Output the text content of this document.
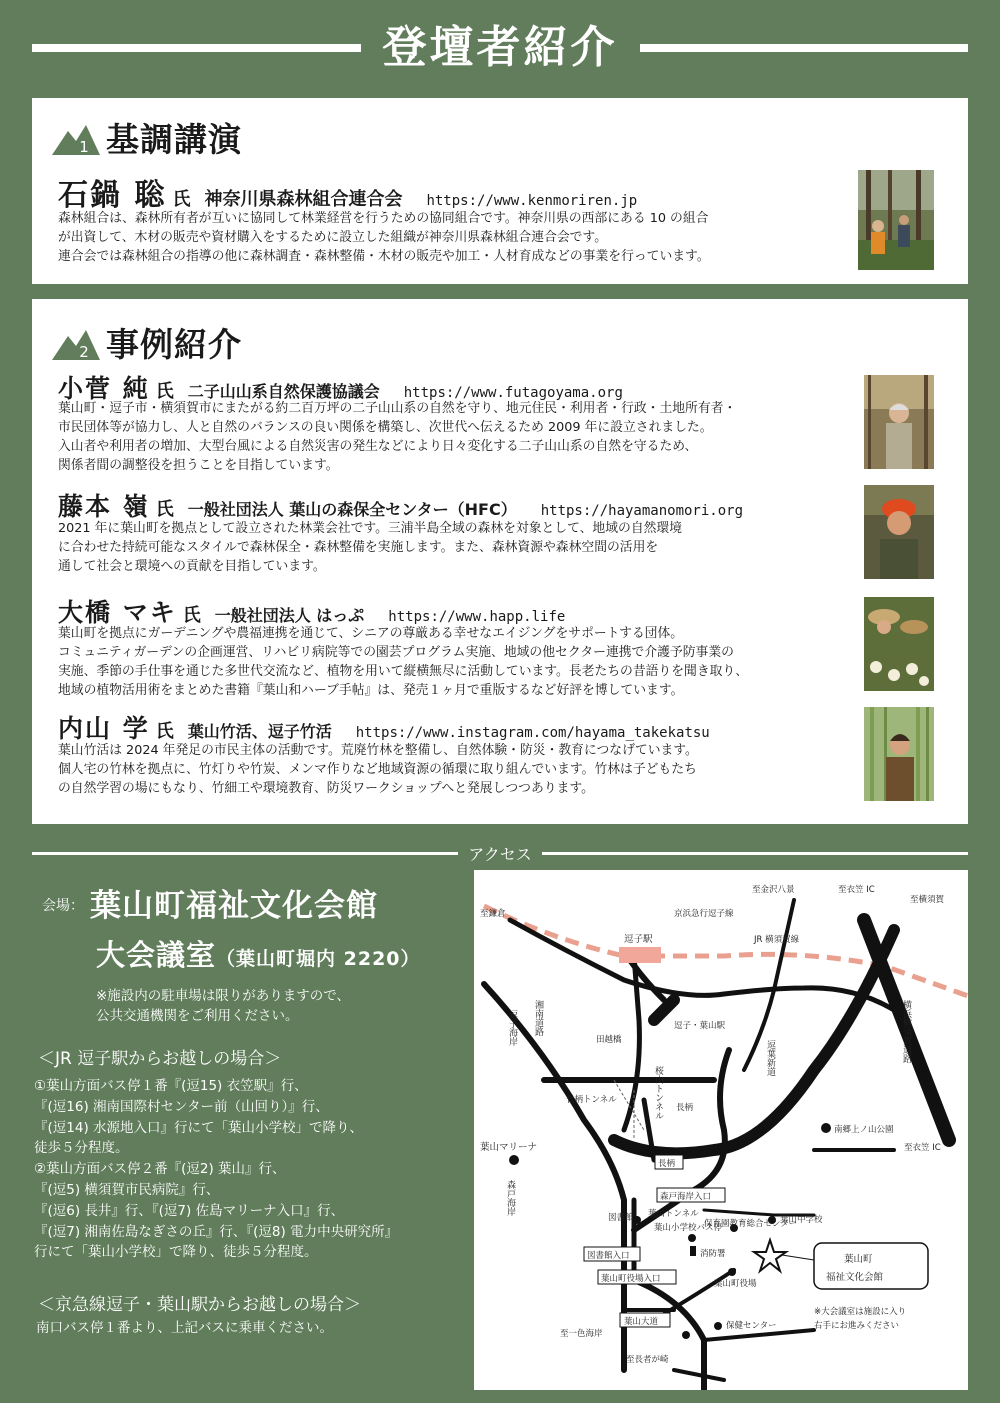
登壇者紹介
1 基調講演
石鍋 聡 氏 神奈川県森林組合連合会 https://www.kenmoriren.jp
森林組合は、森林所有者が互いに協同して林業経営を行うための協同組合です。神奈川県の西部にある 10 の組合
が出資して、木材の販売や資材購入をするために設立した組織が神奈川県森林組合連合会です。
連合会では森林組合の指導の他に森林調査・森林整備・木材の販売や加工・人材育成などの事業を行っています。
2 事例紹介
小菅 純 氏 二子山山系自然保護協議会 https://www.futagoyama.org
葉山町・逗子市・横須賀市にまたがる約二百万坪の二子山山系の自然を守り、地元住民・利用者・行政・土地所有者・
市民団体等が協力し、人と自然のバランスの良い関係を構築し、次世代へ伝えるため 2009 年に設立されました。
入山者や利用者の増加、大型台風による自然災害の発生などにより日々変化する二子山山系の自然を守るため、
関係者間の調整役を担うことを目指しています。
藤本 嶺 氏 一般社団法人 葉山の森保全センター（HFC） https://hayamanomori.org
2021 年に葉山町を拠点として設立された林業会社です。三浦半島全域の森林を対象として、地域の自然環境
に合わせた持続可能なスタイルで森林保全・森林整備を実施します。また、森林資源や森林空間の活用を
通して社会と環境への貢献を目指しています。
大橋 マキ 氏 一般社団法人 はっぷ https://www.happ.life
葉山町を拠点にガーデニングや農福連携を通じて、シニアの尊厳ある幸せなエイジングをサポートする団体。
コミュニティガーデンの企画運営、リハビリ病院等での園芸プログラム実施、地域の他セクター連携で介護予防事業の
実施、季節の手仕事を通じた多世代交流など、植物を用いて縦横無尽に活動しています。長老たちの昔語りを聞き取り、
地域の植物活用術をまとめた書籍『葉山和ハーブ手帖』は、発売１ヶ月で重版するなど好評を博しています。
内山 学 氏 葉山竹活、逗子竹活 https://www.instagram.com/hayama_takekatsu
葉山竹活は 2024 年発足の市民主体の活動です。荒廃竹林を整備し、自然体験・防災・教育につなげています。
個人宅の竹林を拠点に、竹灯りや竹炭、メンマ作りなど地域資源の循環に取り組んでいます。竹林は子どもたち
の自然学習の場にもなり、竹細工や環境教育、防災ワークショップへと発展しつつあります。
アクセス
会場： 葉山町福祉文化会館
大会議室（葉山町堀内 2220）
※施設内の駐車場は限りがありますので、
公共交通機関をご利用ください。
＜JR 逗子駅からお越しの場合＞
①葉山方面バス停１番『(逗15) 衣笠駅』行、
『(逗16) 湘南国際村センター前（山回り）』行、
『(逗14) 水源地入口』行にて「葉山小学校」で降り、
徒歩５分程度。
②葉山方面バス停２番『(逗2) 葉山』行、
『(逗5) 横須賀市民病院』行、
『(逗6) 長井』行、『(逗7) 佐島マリーナ入口』行、
『(逗7) 湘南佐島なぎさの丘』行、『(逗8) 電力中央研究所』
行にて「葉山小学校」で降り、徒歩５分程度。
＜京急線逗子・葉山駅からお越しの場合＞
南口バス停１番より、上記バスに乗車ください。
至金沢八景	至衣笠 IC
至横須賀
至鎌倉	京浜急行逗子線
JR 横須賀線
逗子駅
逗子・葉山駅
湘南道路
逗子海岸	田越橋	逗葉新道	横浜横須賀道路
桜山トンネル
長柄トンネル
長柄
南郷上ノ山公園
至衣笠 IC
葉山マリーナ
森戸海岸
長柄
森戸海岸入口
葉山トンネル
図書館
図書館入口
保育園教育総合センター
葉山中学校
葉山小学校バス停
消防署
葉山町役場入口	葉山町役場
葉山町
福祉文化会館
葉山大道	保健センター
至一色海岸
至長者が崎
※大会議室は施設に入り
右手にお進みください
